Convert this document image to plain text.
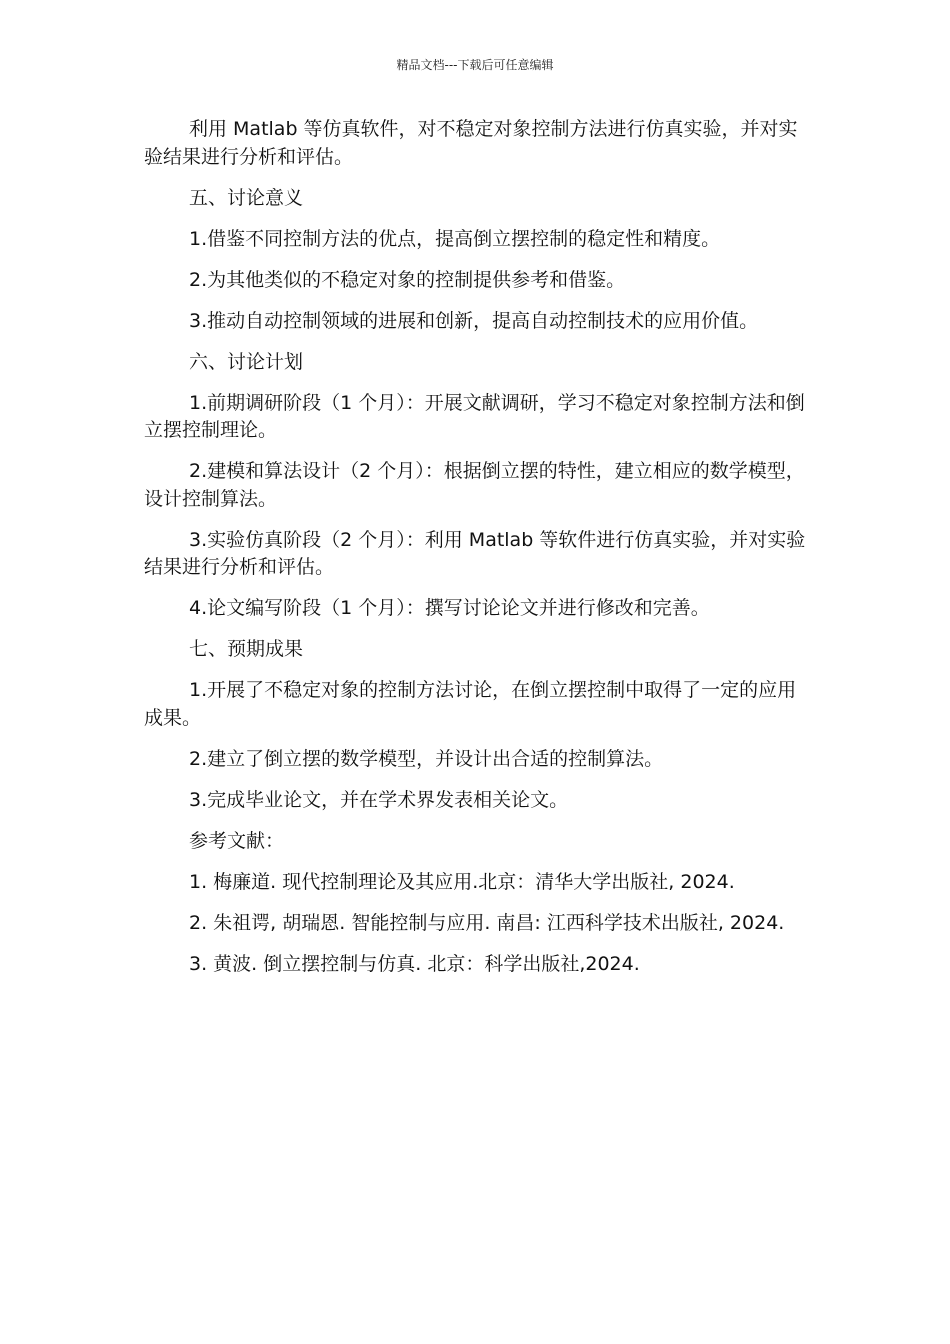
精品文档---下载后可任意编辑

利用 Matlab 等仿真软件，对不稳定对象控制方法进行仿真实验，并对实验结果进行分析和评估。

五、讨论意义

1.借鉴不同控制方法的优点，提高倒立摆控制的稳定性和精度。

2.为其他类似的不稳定对象的控制提供参考和借鉴。

3.推动自动控制领域的进展和创新，提高自动控制技术的应用价值。

六、讨论计划

1.前期调研阶段（1 个月）：开展文献调研，学习不稳定对象控制方法和倒立摆控制理论。

2.建模和算法设计（2 个月）：根据倒立摆的特性，建立相应的数学模型，设计控制算法。

3.实验仿真阶段（2 个月）：利用 Matlab 等软件进行仿真实验，并对实验结果进行分析和评估。

4.论文编写阶段（1 个月）：撰写讨论论文并进行修改和完善。

七、预期成果

1.开展了不稳定对象的控制方法讨论，在倒立摆控制中取得了一定的应用成果。

2.建立了倒立摆的数学模型，并设计出合适的控制算法。

3.完成毕业论文，并在学术界发表相关论文。

参考文献：

1. 梅廉道. 现代控制理论及其应用.北京：清华大学出版社, 2024.

2. 朱祖谔, 胡瑞恩. 智能控制与应用. 南昌: 江西科学技术出版社, 2024.

3. 黄波. 倒立摆控制与仿真. 北京：科学出版社,2024.
